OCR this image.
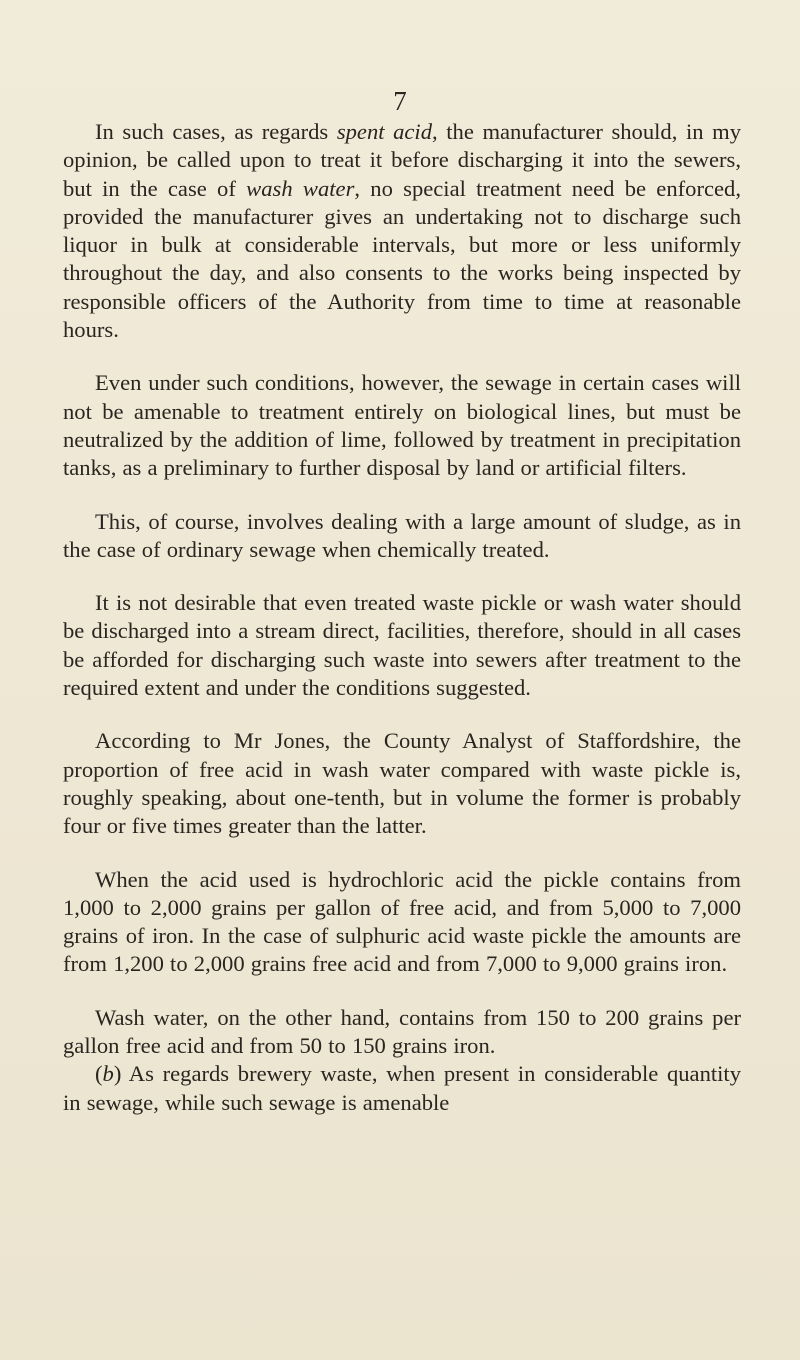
7

In such cases, as regards spent acid, the manufacturer should, in my opinion, be called upon to treat it before discharging it into the sewers, but in the case of wash water, no special treatment need be enforced, provided the manufacturer gives an undertaking not to discharge such liquor in bulk at considerable intervals, but more or less uniformly throughout the day, and also consents to the works being inspected by responsible officers of the Authority from time to time at reasonable hours.

Even under such conditions, however, the sewage in certain cases will not be amenable to treatment entirely on biological lines, but must be neutralized by the addition of lime, followed by treatment in precipitation tanks, as a preliminary to further disposal by land or artificial filters.

This, of course, involves dealing with a large amount of sludge, as in the case of ordinary sewage when chemically treated.

It is not desirable that even treated waste pickle or wash water should be discharged into a stream direct, facilities, therefore, should in all cases be afforded for discharging such waste into sewers after treatment to the required extent and under the conditions suggested.

According to Mr Jones, the County Analyst of Staffordshire, the proportion of free acid in wash water compared with waste pickle is, roughly speaking, about one-tenth, but in volume the former is probably four or five times greater than the latter.

When the acid used is hydrochloric acid the pickle contains from 1,000 to 2,000 grains per gallon of free acid, and from 5,000 to 7,000 grains of iron. In the case of sulphuric acid waste pickle the amounts are from 1,200 to 2,000 grains free acid and from 7,000 to 9,000 grains iron.

Wash water, on the other hand, contains from 150 to 200 grains per gallon free acid and from 50 to 150 grains iron.

(b) As regards brewery waste, when present in considerable quantity in sewage, while such sewage is amenable
